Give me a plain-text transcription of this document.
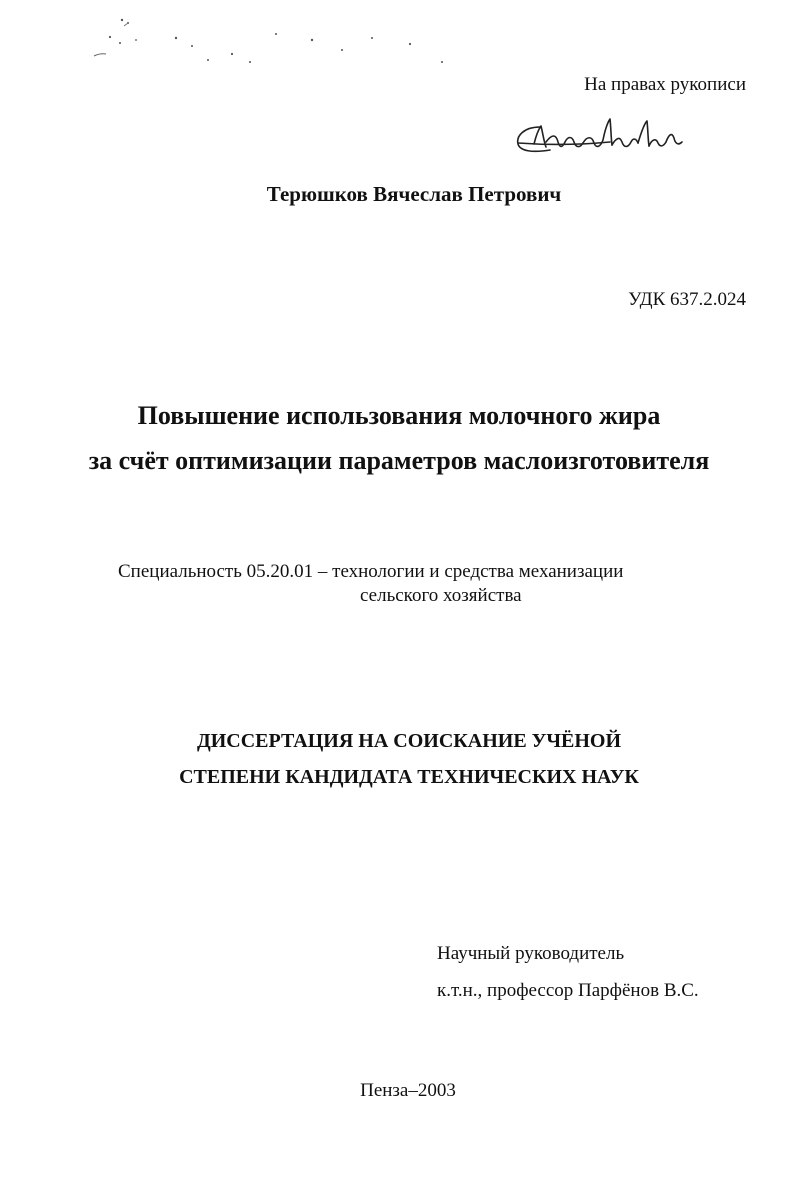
На правах рукописи
Терюшков Вячеслав Петрович
УДК 637.2.024
Повышение использования молочного жира
за счёт оптимизации параметров маслоизготовителя
Специальность 05.20.01 – технологии и средства механизации
сельского хозяйства
ДИССЕРТАЦИЯ НА СОИСКАНИЕ УЧЁНОЙ
СТЕПЕНИ КАНДИДАТА ТЕХНИЧЕСКИХ НАУК
Научный руководитель
к.т.н., профессор Парфёнов В.С.
Пенза–2003
